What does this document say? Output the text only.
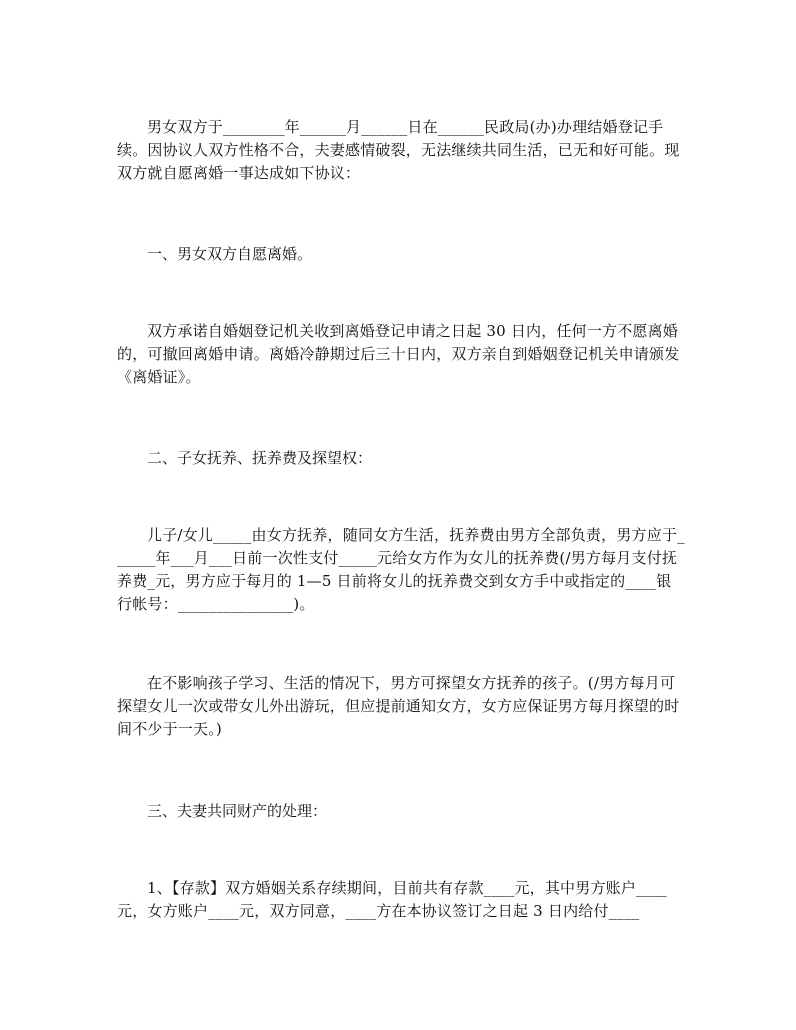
男女双方于________年______月______日在______民政局(办)办理结婚登记手续。因协议人双方性格不合，夫妻感情破裂，无法继续共同生活，已无和好可能。现双方就自愿离婚一事达成如下协议：

一、男女双方自愿离婚。

双方承诺自婚姻登记机关收到离婚登记申请之日起 30 日内，任何一方不愿离婚的，可撤回离婚申请。离婚冷静期过后三十日内，双方亲自到婚姻登记机关申请颁发《离婚证》。

二、子女抚养、抚养费及探望权：

儿子/女儿_____由女方抚养，随同女方生活，抚养费由男方全部负责，男方应于______年___月___日前一次性支付_____元给女方作为女儿的抚养费(/男方每月支付抚养费_元，男方应于每月的 1—5 日前将女儿的抚养费交到女方手中或指定的____银行帐号：_______________)。

在不影响孩子学习、生活的情况下，男方可探望女方抚养的孩子。(/男方每月可探望女儿一次或带女儿外出游玩，但应提前通知女方，女方应保证男方每月探望的时间不少于一天。)

三、夫妻共同财产的处理：

1、【存款】双方婚姻关系存续期间，目前共有存款____元，其中男方账户____元，女方账户____元，双方同意，____方在本协议签订之日起 3 日内给付____
